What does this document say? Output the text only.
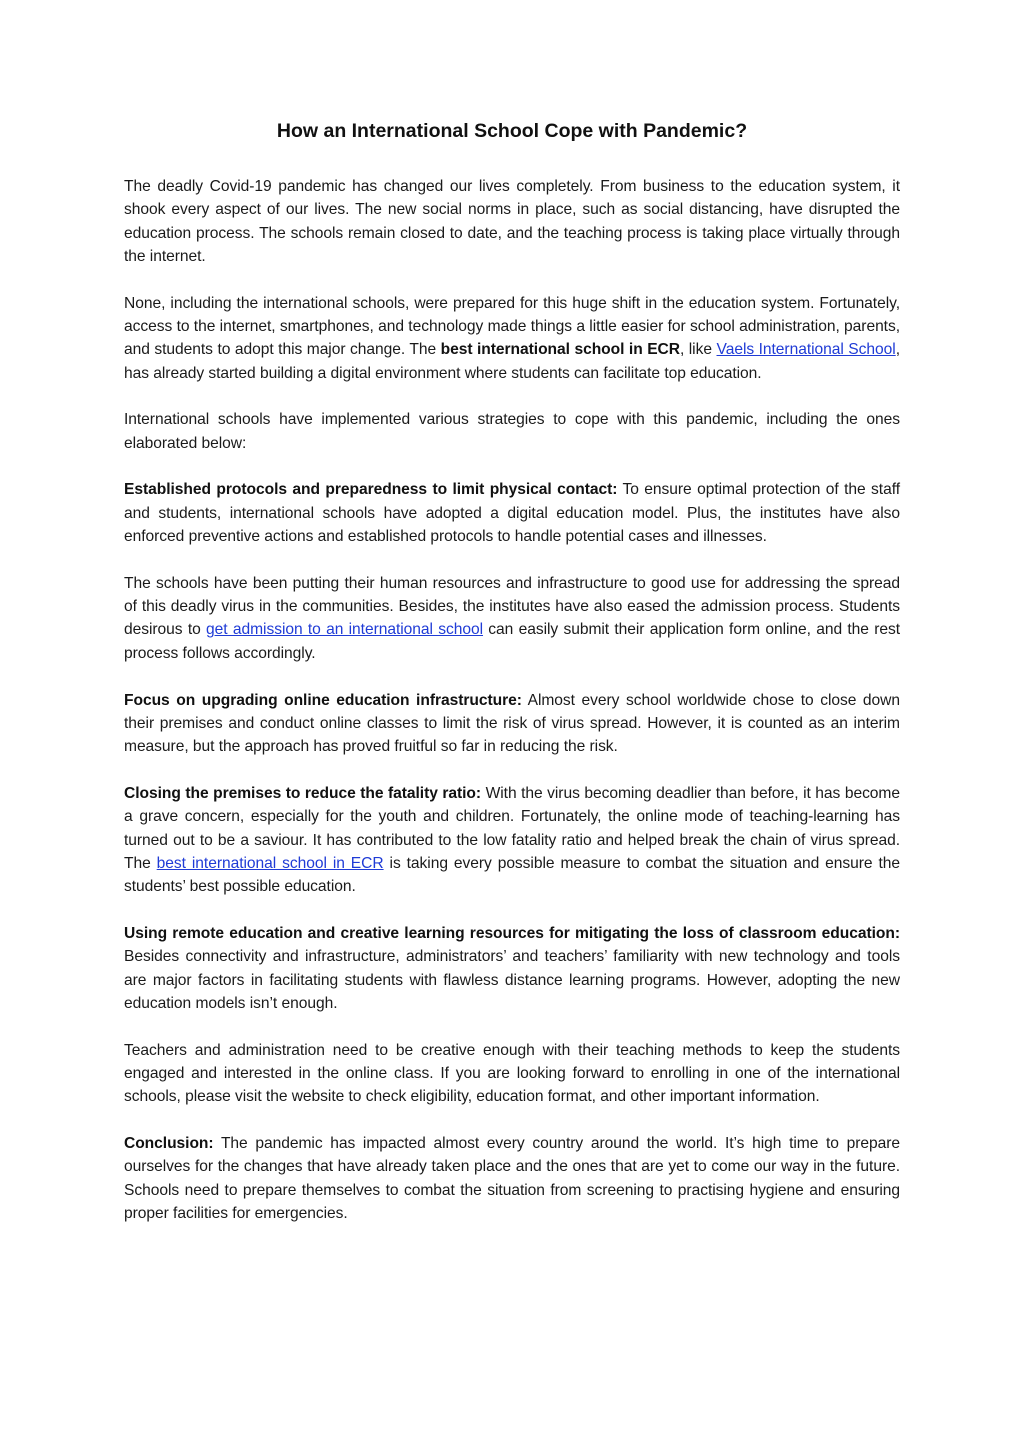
How an International School Cope with Pandemic?

The deadly Covid-19 pandemic has changed our lives completely. From business to the education system, it shook every aspect of our lives. The new social norms in place, such as social distancing, have disrupted the education process. The schools remain closed to date, and the teaching process is taking place virtually through the internet.

None, including the international schools, were prepared for this huge shift in the education system. Fortunately, access to the internet, smartphones, and technology made things a little easier for school administration, parents, and students to adopt this major change. The best international school in ECR, like Vaels International School, has already started building a digital environment where students can facilitate top education.

International schools have implemented various strategies to cope with this pandemic, including the ones elaborated below:

Established protocols and preparedness to limit physical contact: To ensure optimal protection of the staff and students, international schools have adopted a digital education model. Plus, the institutes have also enforced preventive actions and established protocols to handle potential cases and illnesses.

The schools have been putting their human resources and infrastructure to good use for addressing the spread of this deadly virus in the communities. Besides, the institutes have also eased the admission process. Students desirous to get admission to an international school can easily submit their application form online, and the rest process follows accordingly.

Focus on upgrading online education infrastructure: Almost every school worldwide chose to close down their premises and conduct online classes to limit the risk of virus spread. However, it is counted as an interim measure, but the approach has proved fruitful so far in reducing the risk.

Closing the premises to reduce the fatality ratio: With the virus becoming deadlier than before, it has become a grave concern, especially for the youth and children. Fortunately, the online mode of teaching-learning has turned out to be a saviour. It has contributed to the low fatality ratio and helped break the chain of virus spread. The best international school in ECR is taking every possible measure to combat the situation and ensure the students’ best possible education.

Using remote education and creative learning resources for mitigating the loss of classroom education: Besides connectivity and infrastructure, administrators’ and teachers’ familiarity with new technology and tools are major factors in facilitating students with flawless distance learning programs. However, adopting the new education models isn’t enough.

Teachers and administration need to be creative enough with their teaching methods to keep the students engaged and interested in the online class. If you are looking forward to enrolling in one of the international schools, please visit the website to check eligibility, education format, and other important information.

Conclusion: The pandemic has impacted almost every country around the world. It’s high time to prepare ourselves for the changes that have already taken place and the ones that are yet to come our way in the future. Schools need to prepare themselves to combat the situation from screening to practising hygiene and ensuring proper facilities for emergencies.
